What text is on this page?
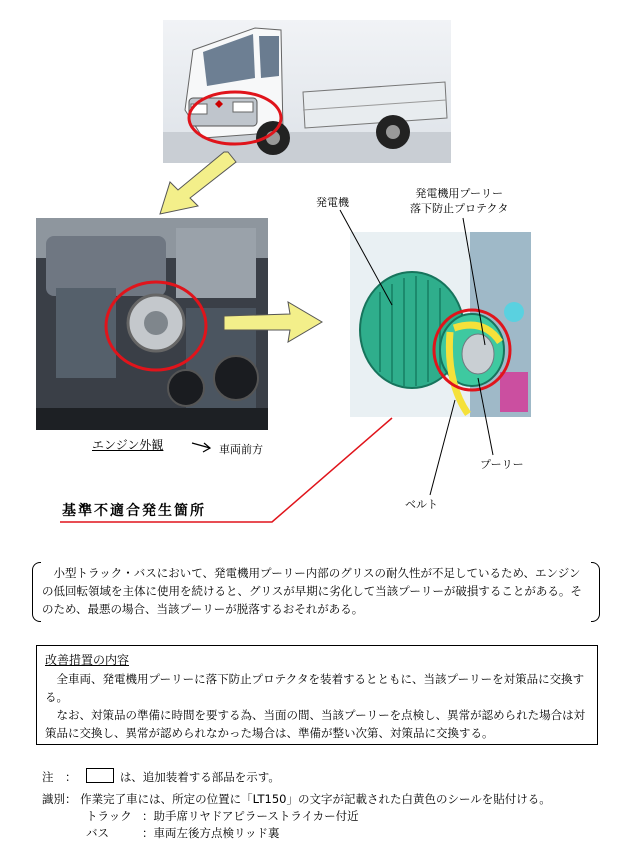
発電機
発電機用プーリー
落下防止プロテクタ
プーリー
ベルト
エンジン外観	車両前方
基準不適合発生箇所
小型トラック・バスにおいて、発電機用プーリー内部のグリスの耐久性が不足しているため、エンジンの低回転領域を主体に使用を続けると、グリスが早期に劣化して当該プーリーが破損することがある。そのため、最悪の場合、当該プーリーが脱落するおそれがある。
改善措置の内容
全車両、発電機用プーリーに落下防止プロテクタを装着するとともに、当該プーリーを対策品に交換する。
なお、対策品の準備に時間を要する為、当面の間、当該プーリーを点検し、異常が認められた場合は対策品に交換し、異常が認められなかった場合は、準備が整い次第、対策品に交換する。
注　：	は、追加装着する部品を示す。
識別： 作業完了車には、所定の位置に「LT150」の文字が記載された白黄色のシールを貼付ける。
トラック ：助手席リヤドアピラーストライカー付近
バス	：車両左後方点検リッド裏
